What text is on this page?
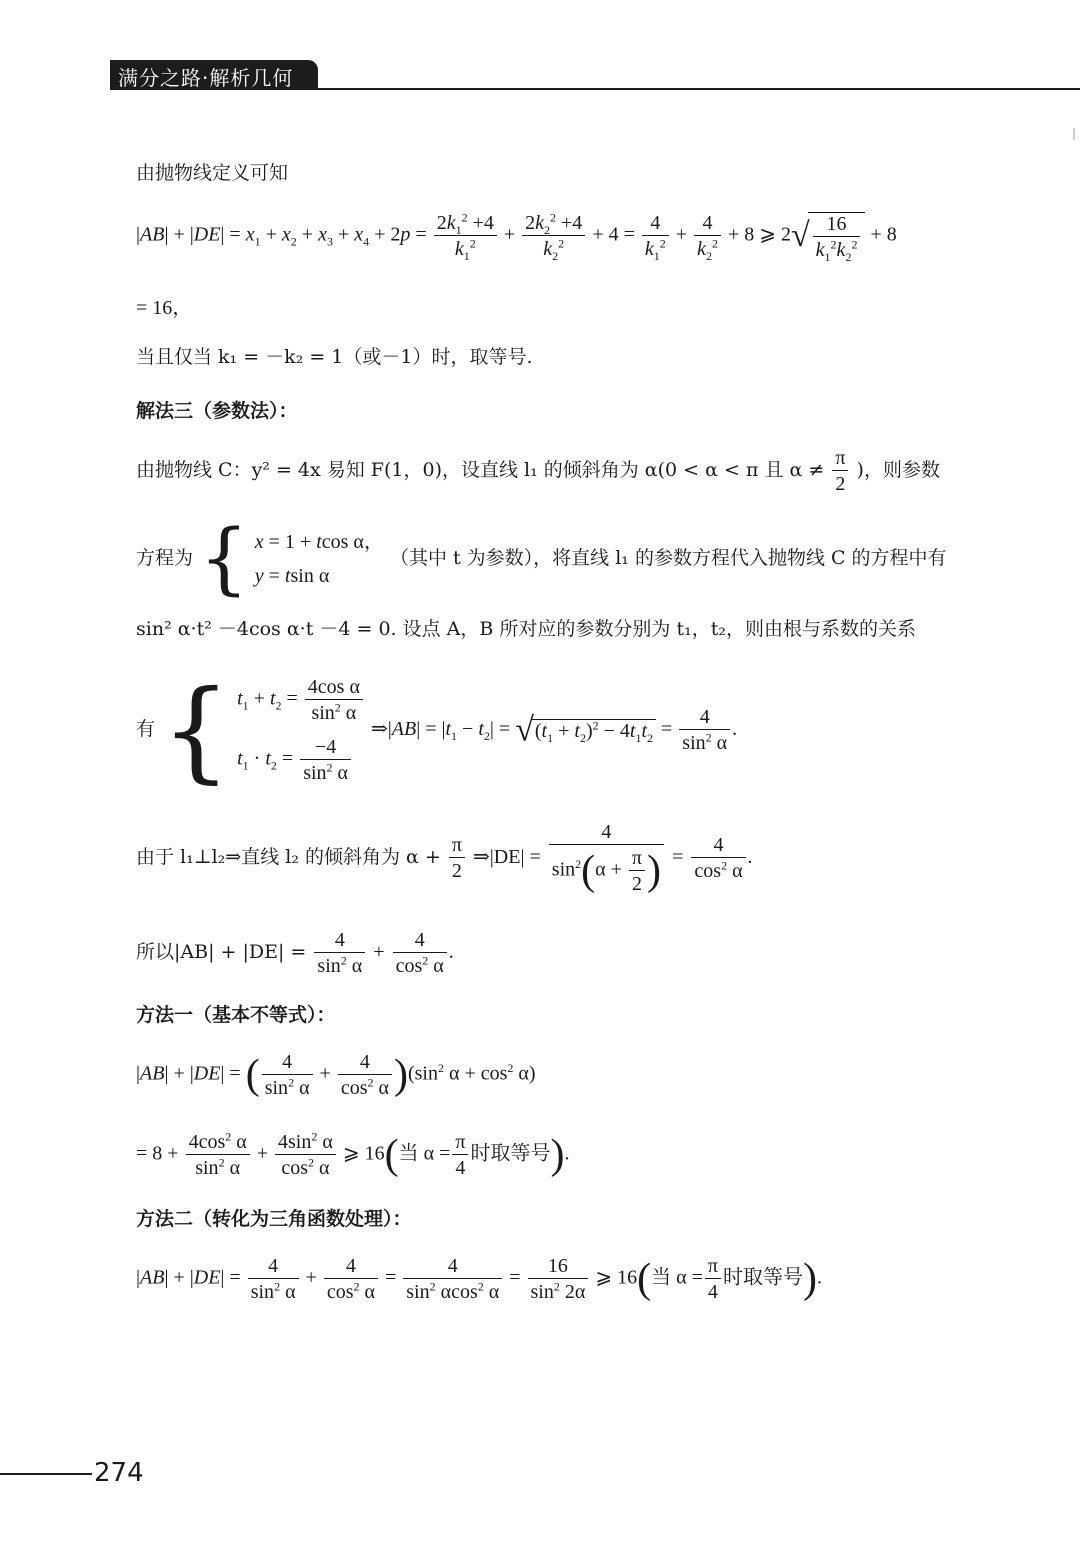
满分之路·解析几何
由抛物线定义可知
$|AB| + |DE| = x_1 + x_2 + x_3 + x_4 + 2p = \frac{2k_1^2 +4}{k_1^2} + \frac{2k_2^2 +4}{k_2^2} + 4 = \frac{4}{k_1^2} + \frac{4}{k_2^2} + 8$ ⩾ $2√ \frac{16}{k_1^2k_2^2} + 8$
= 16，
当且仅当 k₁ = －k₂ = 1（或－1）时，取等号.
解法三（参数法）：
由抛物线 C：y² = 4x 易知 F(1，0)，设直线 l₁ 的倾斜角为 α(0 < α < π 且 $\alpha \ne \frac{\pi}{2}$ )，则参数
方程为 { x = 1 + tcos α，
y = tsin α
（其中 t 为参数），将直线 l₁ 的参数方程代入抛物线 C 的方程中有
sin² α·t² －4cos α·t －4 = 0. 设点 A，B 所对应的参数分别为 t₁，t₂，则由根与系数的关系
有 { $t_1 + t_2 = \frac{\text{4cos α}}{\sin^2 \alpha}$
$t_1 \cdot t_2 = \frac{-4}{\sin^2 \alpha}$
⇒|AB| = $|t_1 - t_2| = √(t_1 + t_2)^2 - 4t_1t_2 = \frac{4}{\sin^2 \alpha}$ .
由于 l₁⊥l₂⇒直线 l₂ 的倾斜角为 $\alpha + \frac{\pi}{2}$ ⇒|DE| = $\frac{4}{\sin^2(\alpha + \frac{\pi}{2} )} = \frac{4}{\cos^2 \alpha}$ .
所以$|AB| + |DE| = \frac{4}{\sin^2 \alpha} + \frac{4}{\cos^2 \alpha}$ .
方法一（基本不等式）：
|AB| + |DE| = ( $\frac{4}{\sin^2 \alpha} + \frac{4}{\cos^2 \alpha} )(\sin^2$ $\alpha + \cos^2 \alpha$)
= $8 + \frac{4\cos^2 \alpha}{\sin^2 \alpha} + \frac{4\sin^2 \alpha}{\cos^2 \alpha}$ ⩾ 16(当 $\alpha = \frac{\pi}{4}$ 时取等号).
方法二（转化为三角函数处理）：
$|AB| + |DE| = \frac{4}{\sin^2 \alpha} + \frac{4}{\cos^2 \alpha} = \frac{4}{\sin^2 \alpha\cos^2 \alpha} = \frac{16}{\sin^2 2\alpha}$ ⩾ 16(当 $\alpha = \frac{\pi}{4}$ 时取等号).
274
